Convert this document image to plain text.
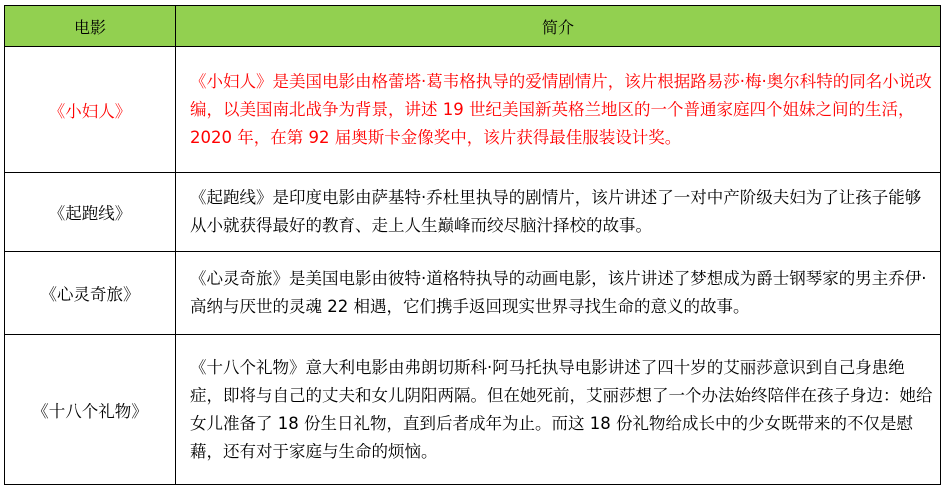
电影	简介
《小妇人》	《小妇人》是美国电影由格蕾塔·葛韦格执导的爱情剧情片，该片根据路易莎·梅·奥尔科特的同名小说改编，以美国南北战争为背景，讲述 19 世纪美国新英格兰地区的一个普通家庭四个姐妹之间的生活，2020 年，在第 92 届奥斯卡金像奖中，该片获得最佳服装设计奖。
《起跑线》	《起跑线》是印度电影由萨基特·乔杜里执导的剧情片，该片讲述了一对中产阶级夫妇为了让孩子能够从小就获得最好的教育、走上人生巅峰而绞尽脑汁择校的故事。
《心灵奇旅》	《心灵奇旅》是美国电影由彼特·道格特执导的动画电影，该片讲述了梦想成为爵士钢琴家的男主乔伊·高纳与厌世的灵魂 22 相遇，它们携手返回现实世界寻找生命的意义的故事。
《十八个礼物》	《十八个礼物》意大利电影由弗朗切斯科·阿马托执导电影讲述了四十岁的艾丽莎意识到自己身患绝症，即将与自己的丈夫和女儿阴阳两隔。但在她死前，艾丽莎想了一个办法始终陪伴在孩子身边：她给女儿准备了 18 份生日礼物，直到后者成年为止。而这 18 份礼物给成长中的少女既带来的不仅是慰藉，还有对于家庭与生命的烦恼。
